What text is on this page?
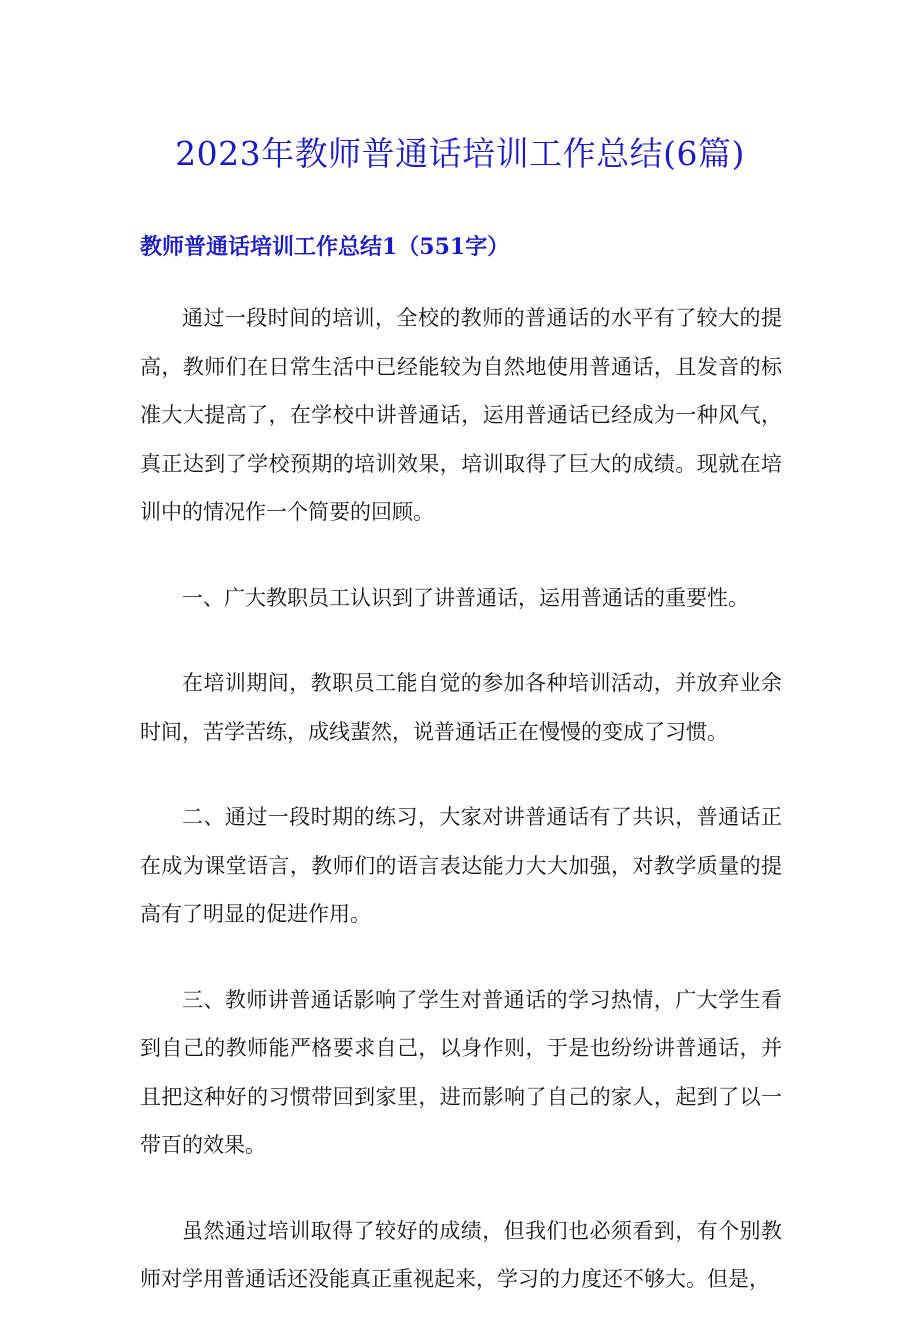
2023年教师普通话培训工作总结(6篇)
教师普通话培训工作总结1（551字）

通过一段时间的培训，全校的教师的普通话的水平有了较大的提高，教师们在日常生活中已经能较为自然地使用普通话，且发音的标准大大提高了，在学校中讲普通话，运用普通话已经成为一种风气，真正达到了学校预期的培训效果，培训取得了巨大的成绩。现就在培训中的情况作一个简要的回顾。

一、广大教职员工认识到了讲普通话，运用普通话的重要性。

在培训期间，教职员工能自觉的参加各种培训活动，并放弃业余时间，苦学苦练，成线蜚然，说普通话正在慢慢的变成了习惯。

二、通过一段时期的练习，大家对讲普通话有了共识，普通话正在成为课堂语言，教师们的语言表达能力大大加强，对教学质量的提高有了明显的促进作用。

三、教师讲普通话影响了学生对普通话的学习热情，广大学生看到自己的教师能严格要求自己，以身作则，于是也纷纷讲普通话，并且把这种好的习惯带回到家里，进而影响了自己的家人，起到了以一带百的效果。

虽然通过培训取得了较好的成绩，但我们也必须看到，有个别教师对学用普通话还没能真正重视起来，学习的力度还不够大。但是，
